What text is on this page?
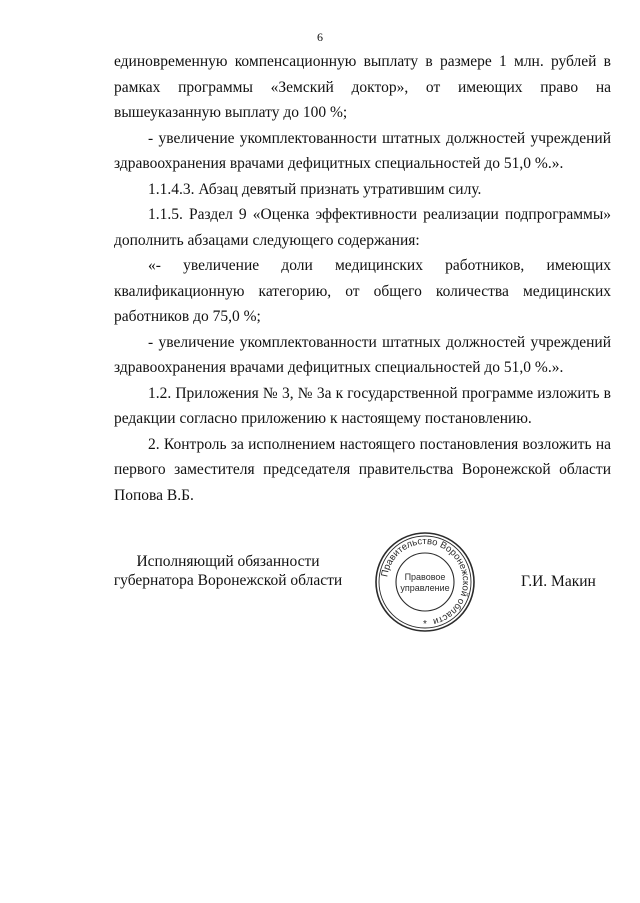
6

единовременную компенсационную выплату в размере 1 млн. рублей в рамках программы «Земский доктор», от имеющих право на вышеуказанную выплату до 100 %;

- увеличение укомплектованности штатных должностей учреждений здравоохранения врачами дефицитных специальностей до 51,0 %.».

1.1.4.3. Абзац девятый признать утратившим силу.

1.1.5. Раздел 9 «Оценка эффективности реализации подпрограммы» дополнить абзацами следующего содержания:

«- увеличение доли медицинских работников, имеющих квалификационную категорию, от общего количества медицинских работников до 75,0 %;

- увеличение укомплектованности штатных должностей учреждений здравоохранения врачами дефицитных специальностей до 51,0 %.».

1.2. Приложения № 3, № 3а к государственной программе изложить в редакции согласно приложению к настоящему постановлению.

2. Контроль за исполнением настоящего постановления возложить на первого заместителя председателя правительства Воронежской области Попова В.Б.

Исполняющий обязанности
губернатора Воронежской области	Правительство Воронежской области
Правовое
управление
*
Г.И. Макин
